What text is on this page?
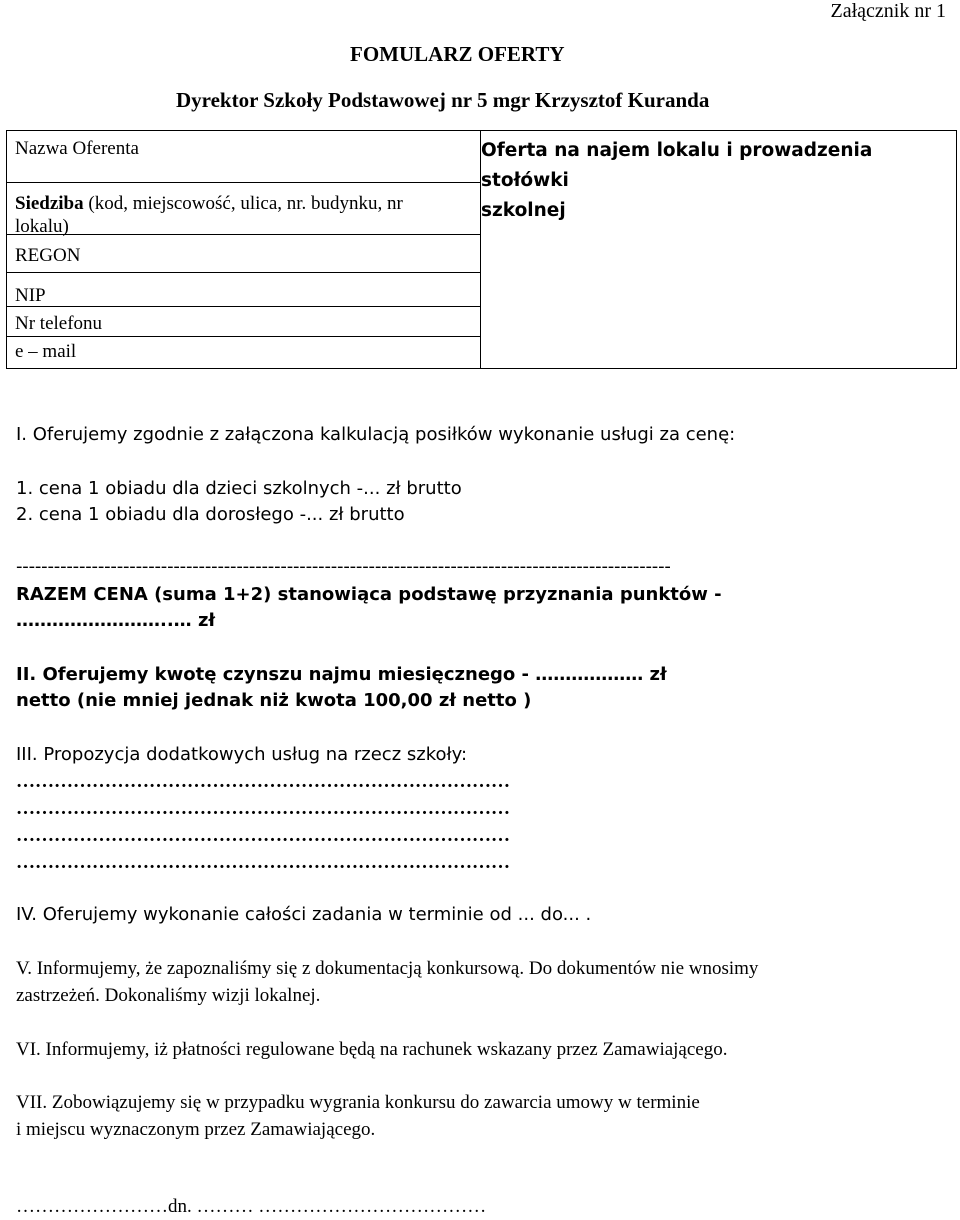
Załącznik nr 1
FOMULARZ OFERTY
Dyrektor Szkoły Podstawowej nr 5 mgr Krzysztof Kuranda

Nazwa Oferenta
Siedziba (kod, miejscowość, ulica, nr. budynku, nr
lokalu)
REGON
NIP
Nr telefonu
e – mail
Oferta na najem lokalu i prowadzenia stołówki
szkolnej
I. Oferujemy zgodnie z załączona kalkulacją posiłków wykonanie usługi za cenę:
1. cena 1 obiadu dla dzieci szkolnych -... zł brutto
2. cena 1 obiadu dla dorosłego -... zł brutto
--------------------------------------------------------------------------------------------------------
RAZEM CENA (suma 1+2) stanowiąca podstawę przyznania punktów -
……………………..… zł
II. Oferujemy kwotę czynszu najmu miesięcznego - ……………… zł
netto (nie mniej jednak niż kwota 100,00 zł netto )
III. Propozycja dodatkowych usług na rzecz szkoły:
……………………………………………………………………
……………………………………………………………………
……………………………………………………………………
……………………………………………………………………
IV. Oferujemy wykonanie całości zadania w terminie od ... do... .
V. Informujemy, że zapoznaliśmy się z dokumentacją konkursową. Do dokumentów nie wnosimy
zastrzeżeń. Dokonaliśmy wizji lokalnej.
VI. Informujemy, iż płatności regulowane będą na rachunek wskazany przez Zamawiającego.
VII. Zobowiązujemy się w przypadku wygrania konkursu do zawarcia umowy w terminie
i miejscu wyznaczonym przez Zamawiającego.
……………………dn. ……… ………………………………
